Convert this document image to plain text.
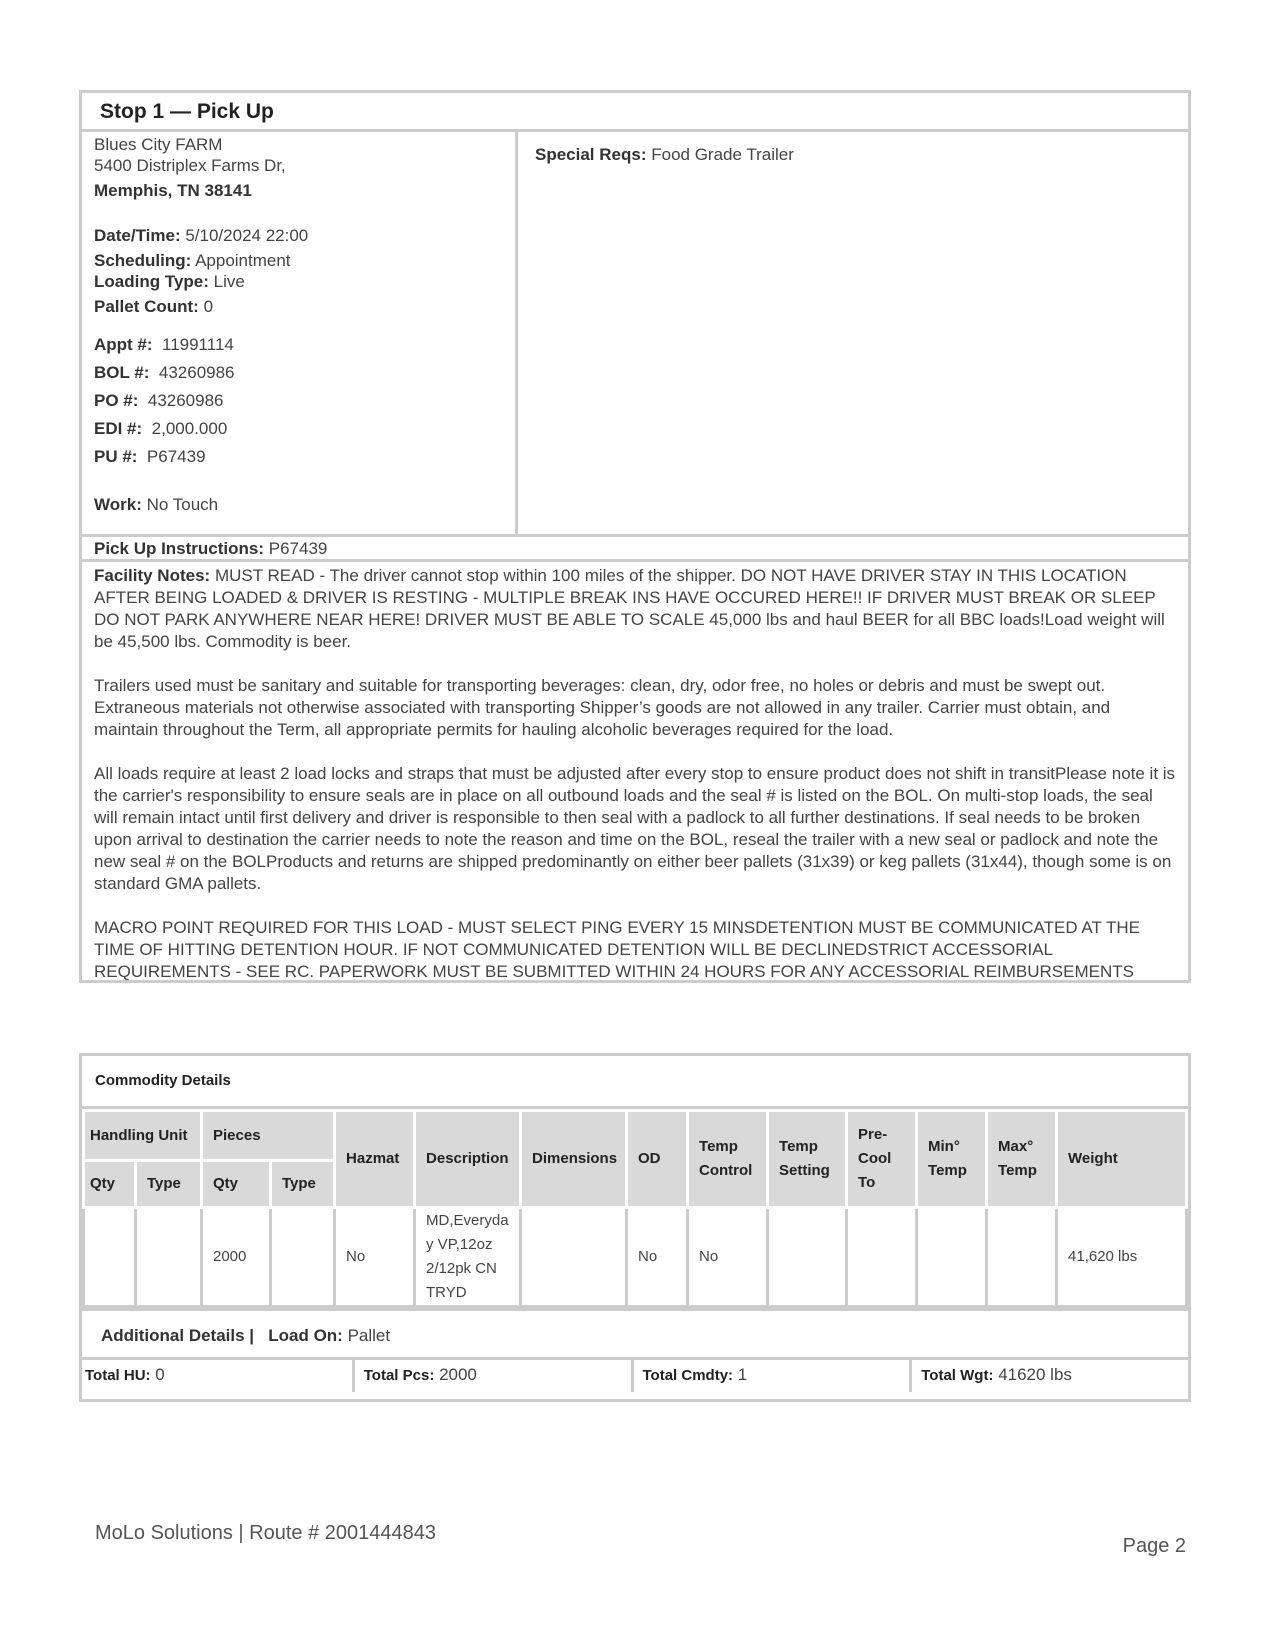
Stop 1 — Pick Up
Blues City FARM
5400 Distriplex Farms Dr,
Memphis, TN 38141
Date/Time: 5/10/2024 22:00
Scheduling: Appointment
Loading Type: Live
Pallet Count: 0
Appt #: 11991114
BOL #: 43260986
PO #: 43260986
EDI #: 2,000.000
PU #: P67439
Work: No Touch
Special Reqs: Food Grade Trailer
Pick Up Instructions: P67439

Facility Notes: MUST READ - The driver cannot stop within 100 miles of the shipper. DO NOT HAVE DRIVER STAY IN THIS LOCATION AFTER BEING LOADED & DRIVER IS RESTING - MULTIPLE BREAK INS HAVE OCCURED HERE!! IF DRIVER MUST BREAK OR SLEEP DO NOT PARK ANYWHERE NEAR HERE! DRIVER MUST BE ABLE TO SCALE 45,000 lbs and haul BEER for all BBC loads!Load weight will be 45,500 lbs. Commodity is beer.

Trailers used must be sanitary and suitable for transporting beverages: clean, dry, odor free, no holes or debris and must be swept out. Extraneous materials not otherwise associated with transporting Shipper’s goods are not allowed in any trailer. Carrier must obtain, and maintain throughout the Term, all appropriate permits for hauling alcoholic beverages required for the load.

All loads require at least 2 load locks and straps that must be adjusted after every stop to ensure product does not shift in transitPlease note it is the carrier's responsibility to ensure seals are in place on all outbound loads and the seal # is listed on the BOL. On multi-stop loads, the seal will remain intact until first delivery and driver is responsible to then seal with a padlock to all further destinations. If seal needs to be broken upon arrival to destination the carrier needs to note the reason and time on the BOL, reseal the trailer with a new seal or padlock and note the new seal # on the BOLProducts and returns are shipped predominantly on either beer pallets (31x39) or keg pallets (31x44), though some is on standard GMA pallets.

MACRO POINT REQUIRED FOR THIS LOAD - MUST SELECT PING EVERY 15 MINSDETENTION MUST BE COMMUNICATED AT THE TIME OF HITTING DETENTION HOUR. IF NOT COMMUNICATED DETENTION WILL BE DECLINEDSTRICT ACCESSORIAL REQUIREMENTS - SEE RC. PAPERWORK MUST BE SUBMITTED WITHIN 24 HOURS FOR ANY ACCESSORIAL REIMBURSEMENTS

Commodity Details
Handling Unit		Pieces		Hazmat	Description	Dimensions	OD	Temp Control	Temp Setting	Pre-Cool To	Min° Temp	Max° Temp	Weight
Qty	Type	Qty	Type										
		2000		No	MD,Everyday VP,12oz 2/12pk CN TRYD		No	No					41,620 lbs
Additional Details | Load On: Pallet
Total HU: 0	Total Pcs: 2000	Total Cmdty: 1	Total Wgt: 41620 lbs
MoLo Solutions | Route # 2001444843
Page 2
